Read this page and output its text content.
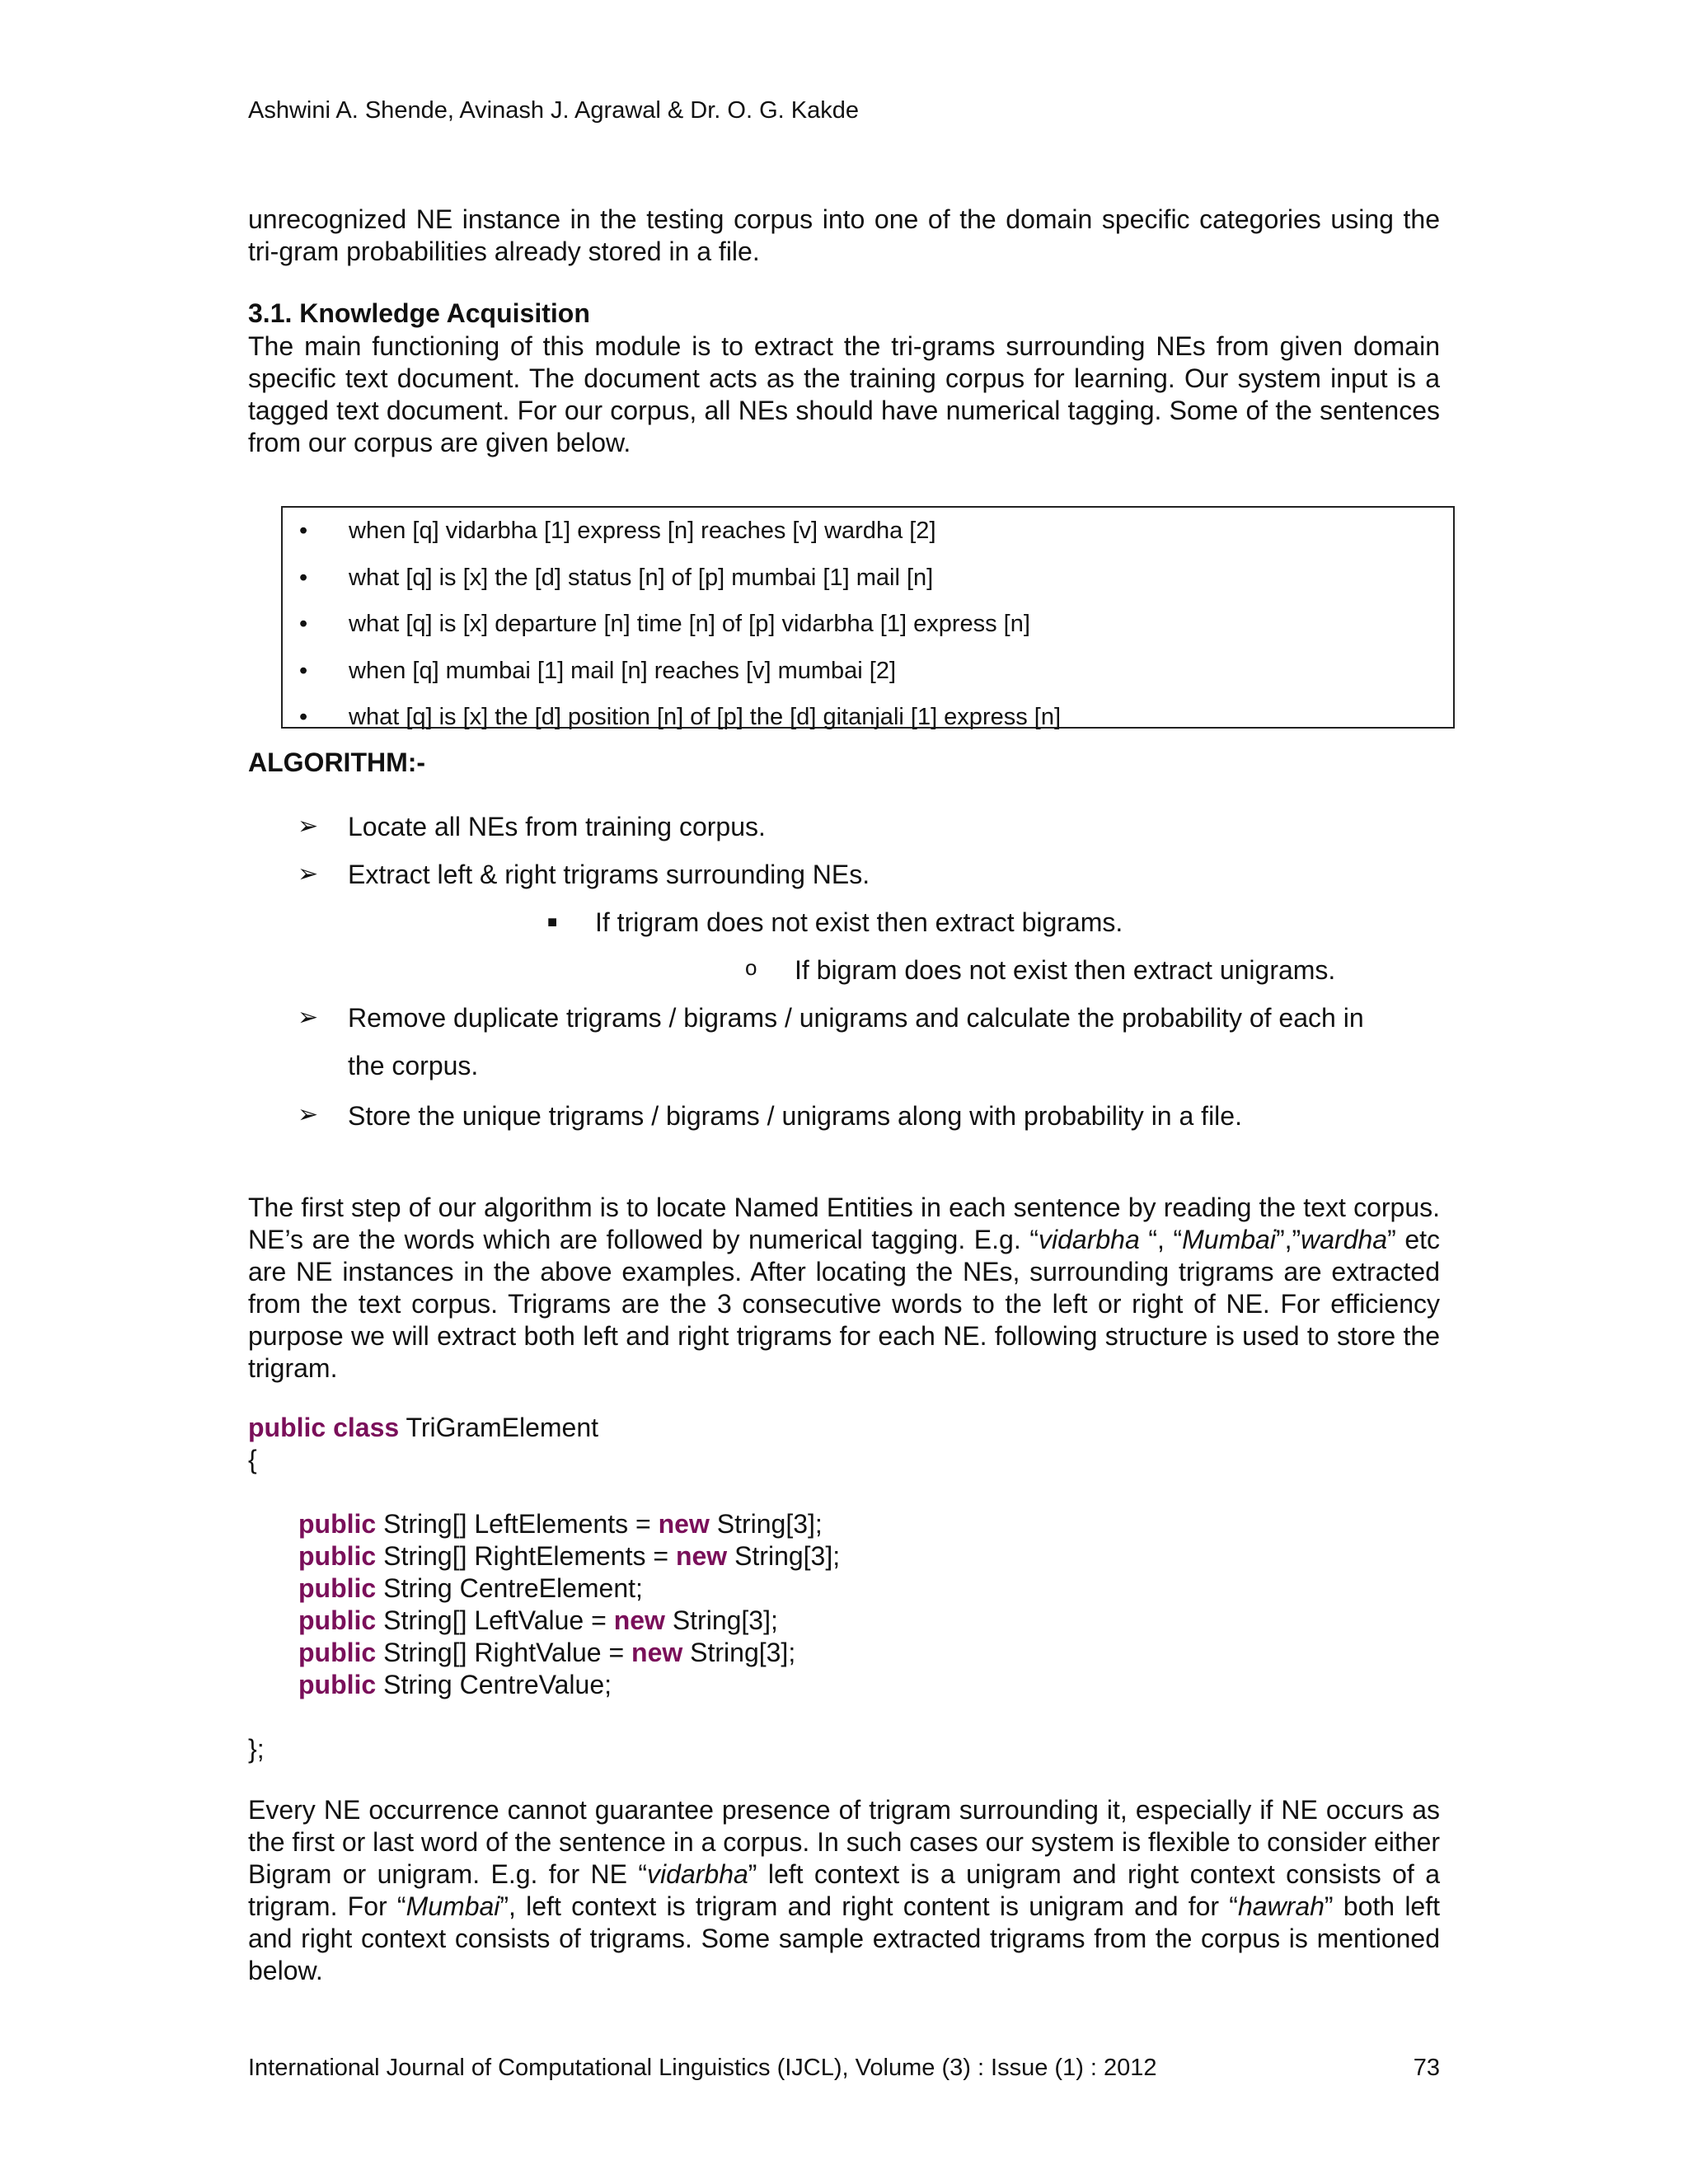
Ashwini A. Shende, Avinash J. Agrawal & Dr. O. G. Kakde
unrecognized NE instance in the testing corpus into one of the domain specific categories using the tri-gram probabilities already stored in a file.
3.1. Knowledge Acquisition
The main functioning of this module is to extract the tri-grams surrounding NEs from given domain specific text document. The document acts as the training corpus for learning. Our system input is a tagged text document. For our corpus, all NEs should have numerical tagging. Some of the sentences from our corpus are given below.
• when [q] vidarbha [1] express [n] reaches [v] wardha [2]
• what [q] is [x] the [d] status [n] of [p] mumbai [1] mail [n]
• what [q] is [x] departure [n] time [n] of [p] vidarbha [1] express [n]
• when [q] mumbai [1] mail [n] reaches [v] mumbai [2]
• what [q] is [x] the [d] position [n] of [p] the [d] gitanjali [1] express [n]
ALGORITHM:-
➢ Locate all NEs from training corpus.
➢ Extract left & right trigrams surrounding NEs.
■ If trigram does not exist then extract bigrams.
o If bigram does not exist then extract unigrams.
➢ Remove duplicate trigrams / bigrams / unigrams and calculate the probability of each in
the corpus.
➢ Store the unique trigrams / bigrams / unigrams along with probability in a file.
The first step of our algorithm is to locate Named Entities in each sentence by reading the text corpus. NE’s are the words which are followed by numerical tagging. E.g. “vidarbha “, “Mumbai”,”wardha” etc are NE instances in the above examples. After locating the NEs, surrounding trigrams are extracted from the text corpus. Trigrams are the 3 consecutive words to the left or right of NE. For efficiency purpose we will extract both left and right trigrams for each NE. following structure is used to store the trigram.
public class TriGramElement
{
public String[] LeftElements = new String[3];
public String[] RightElements = new String[3];
public String CentreElement;
public String[] LeftValue = new String[3];
public String[] RightValue = new String[3];
public String CentreValue;
};
Every NE occurrence cannot guarantee presence of trigram surrounding it, especially if NE occurs as the first or last word of the sentence in a corpus. In such cases our system is flexible to consider either Bigram or unigram. E.g. for NE “vidarbha” left context is a unigram and right context consists of a trigram. For “Mumbai”, left context is trigram and right content is unigram and for “hawrah” both left and right context consists of trigrams. Some sample extracted trigrams from the corpus is mentioned below.
International Journal of Computational Linguistics (IJCL), Volume (3) : Issue (1) : 2012	73
